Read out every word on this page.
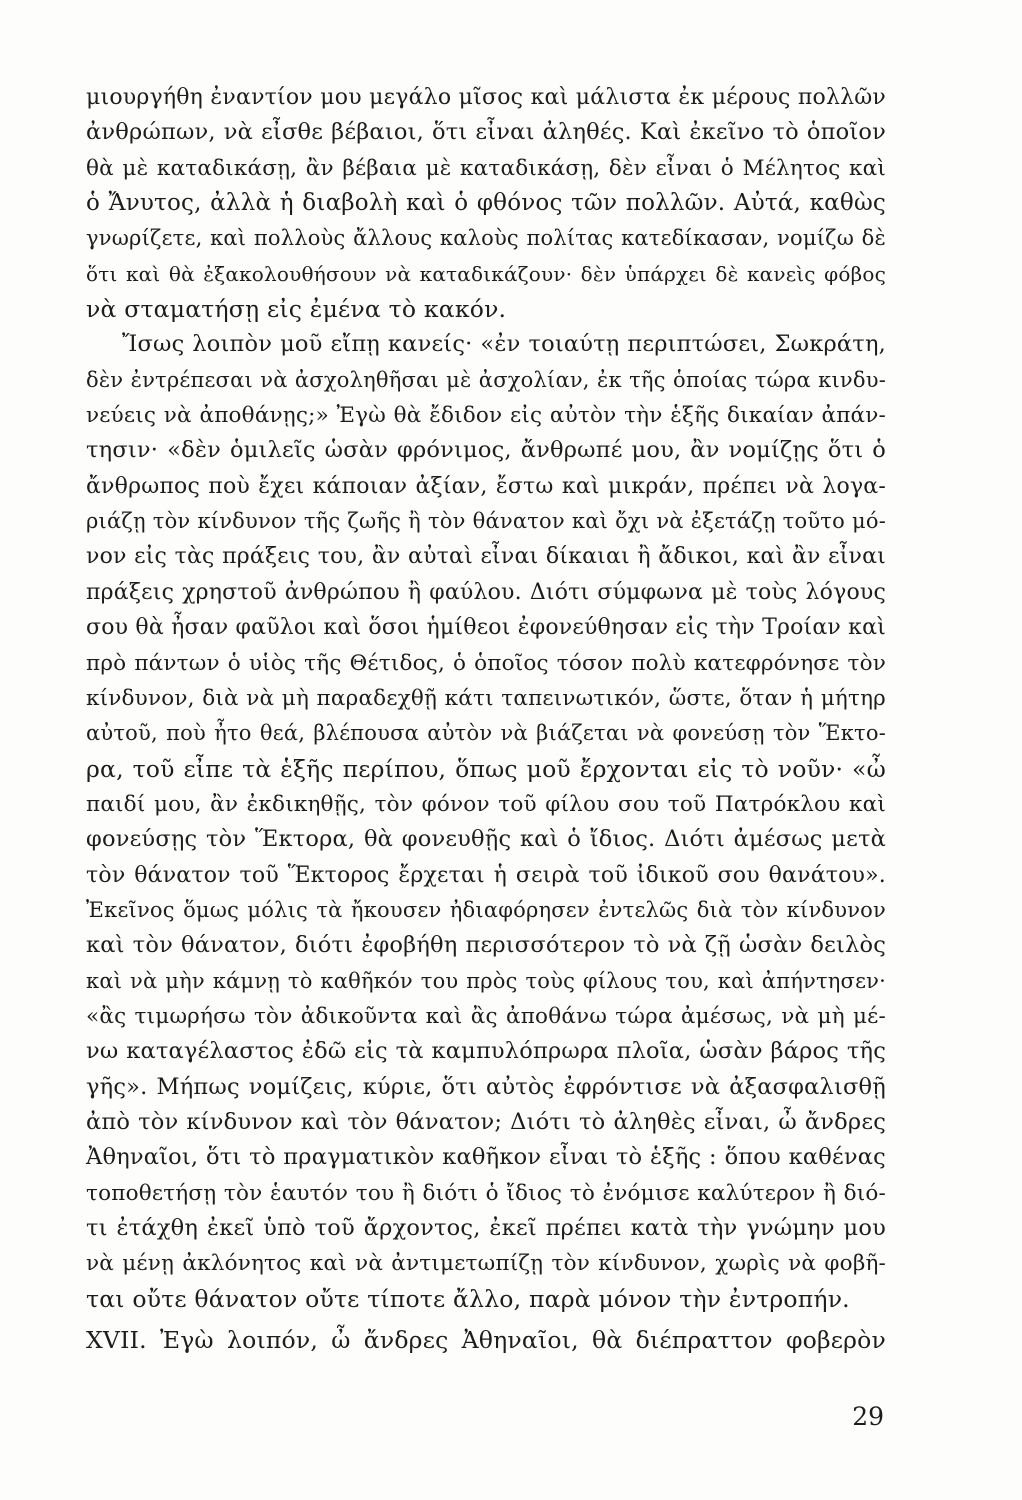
μιουργήθη ἐναντίον μου μεγάλο μῖσος καὶ μάλιστα ἐκ μέρους πολλῶν
ἀνθρώπων, νὰ εἶσθε βέβαιοι, ὅτι εἶναι ἀληθές. Καὶ ἐκεῖνο τὸ ὁποῖον
θὰ μὲ καταδικάσῃ, ἂν βέβαια μὲ καταδικάσῃ, δὲν εἶναι ὁ Μέλητος καὶ
ὁ Ἄνυτος, ἀλλὰ ἡ διαβολὴ καὶ ὁ φθόνος τῶν πολλῶν. Αὐτά, καθὼς
γνωρίζετε, καὶ πολλοὺς ἄλλους καλοὺς πολίτας κατεδίκασαν, νομίζω δὲ
ὅτι καὶ θὰ ἐξακολουθήσουν νὰ καταδικάζουν· δὲν ὑπάρχει δὲ κανεὶς φόβος
νὰ σταματήσῃ εἰς ἐμένα τὸ κακόν.
Ἴσως λοιπὸν μοῦ εἴπῃ κανείς· «ἐν τοιαύτῃ περιπτώσει, Σωκράτη,
δὲν ἐντρέπεσαι νὰ ἀσχοληθῆσαι μὲ ἀσχολίαν, ἐκ τῆς ὁποίας τώρα κινδυ-
νεύεις νὰ ἀποθάνῃς;» Ἐγὼ θὰ ἔδιδον εἰς αὐτὸν τὴν ἑξῆς δικαίαν ἀπάν-
τησιν· «δὲν ὁμιλεῖς ὡσὰν φρόνιμος, ἄνθρωπέ μου, ἂν νομίζῃς ὅτι ὁ
ἄνθρωπος ποὺ ἔχει κάποιαν ἀξίαν, ἔστω καὶ μικράν, πρέπει νὰ λογα-
ριάζῃ τὸν κίνδυνον τῆς ζωῆς ἢ τὸν θάνατον καὶ ὄχι νὰ ἐξετάζῃ τοῦτο μό-
νον εἰς τὰς πράξεις του, ἂν αὐταὶ εἶναι δίκαιαι ἢ ἄδικοι, καὶ ἂν εἶναι
πράξεις χρηστοῦ ἀνθρώπου ἢ φαύλου. Διότι σύμφωνα μὲ τοὺς λόγους
σου θὰ ἦσαν φαῦλοι καὶ ὅσοι ἡμίθεοι ἐφονεύθησαν εἰς τὴν Τροίαν καὶ
πρὸ πάντων ὁ υἱὸς τῆς Θέτιδος, ὁ ὁποῖος τόσον πολὺ κατεφρόνησε τὸν
κίνδυνον, διὰ νὰ μὴ παραδεχθῇ κάτι ταπεινωτικόν, ὥστε, ὅταν ἡ μήτηρ
αὐτοῦ, ποὺ ἦτο θεά, βλέπουσα αὐτὸν νὰ βιάζεται νὰ φονεύσῃ τὸν Ἕκτο-
ρα, τοῦ εἶπε τὰ ἑξῆς περίπου, ὅπως μοῦ ἔρχονται εἰς τὸ νοῦν· «ὦ
παιδί μου, ἂν ἐκδικηθῇς, τὸν φόνον τοῦ φίλου σου τοῦ Πατρόκλου καὶ
φονεύσῃς τὸν Ἕκτορα, θὰ φονευθῇς καὶ ὁ ἴδιος. Διότι ἀμέσως μετὰ
τὸν θάνατον τοῦ Ἕκτορος ἔρχεται ἡ σειρὰ τοῦ ἰδικοῦ σου θανάτου».
Ἐκεῖνος ὅμως μόλις τὰ ἤκουσεν ἠδιαφόρησεν ἐντελῶς διὰ τὸν κίνδυνον
καὶ τὸν θάνατον, διότι ἐφοβήθη περισσότερον τὸ νὰ ζῇ ὡσὰν δειλὸς
καὶ νὰ μὴν κάμνῃ τὸ καθῆκόν του πρὸς τοὺς φίλους του, καὶ ἀπήντησεν·
«ἂς τιμωρήσω τὸν ἀδικοῦντα καὶ ἂς ἀποθάνω τώρα ἀμέσως, νὰ μὴ μέ-
νω καταγέλαστος ἐδῶ εἰς τὰ καμπυλόπρωρα πλοῖα, ὡσὰν βάρος τῆς
γῆς». Μήπως νομίζεις, κύριε, ὅτι αὐτὸς ἐφρόντισε νὰ ἀξασφαλισθῇ
ἀπὸ τὸν κίνδυνον καὶ τὸν θάνατον; Διότι τὸ ἀληθὲς εἶναι, ὦ ἄνδρες
Ἀθηναῖοι, ὅτι τὸ πραγματικὸν καθῆκον εἶναι τὸ ἑξῆς : ὅπου καθένας
τοποθετήσῃ τὸν ἑαυτόν του ἢ διότι ὁ ἴδιος τὸ ἐνόμισε καλύτερον ἢ διό-
τι ἐτάχθη ἐκεῖ ὑπὸ τοῦ ἄρχοντος, ἐκεῖ πρέπει κατὰ τὴν γνώμην μου
νὰ μένῃ ἀκλόνητος καὶ νὰ ἀντιμετωπίζῃ τὸν κίνδυνον, χωρὶς νὰ φοβῆ-
ται οὔτε θάνατον οὔτε τίποτε ἄλλο, παρὰ μόνον τὴν ἐντροπήν.
XVII. Ἐγὼ λοιπόν, ὦ ἄνδρες Ἀθηναῖοι, θὰ διέπραττον φοβερὸν
29
